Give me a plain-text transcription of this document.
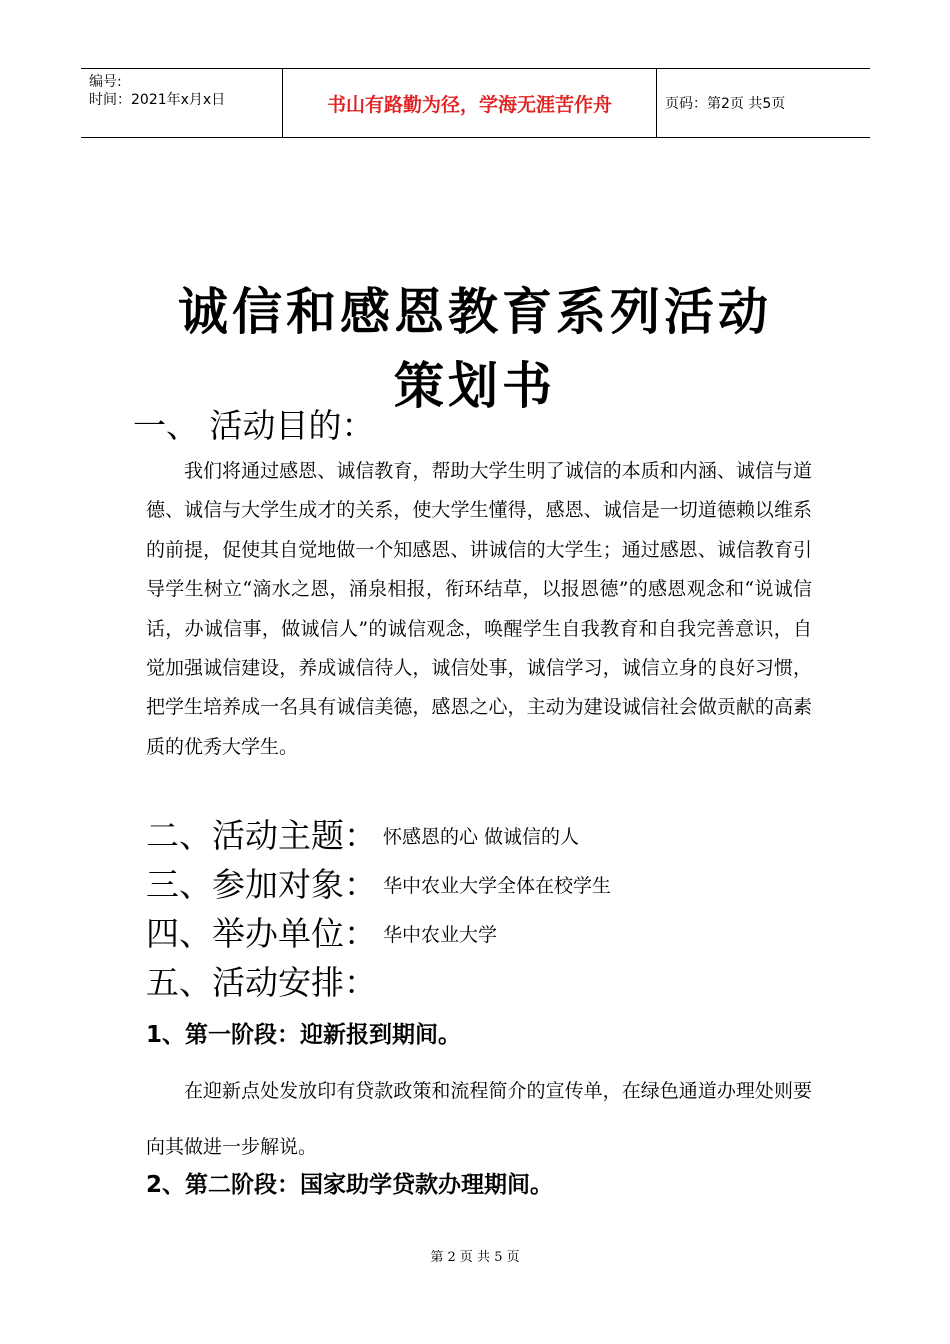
编号:
时间：2021年x月x日	书山有路勤为径，学海无涯苦作舟	页码：第2页 共5页
诚信和感恩教育系列活动
策划书
一、 活动目的：
我们将通过感恩、诚信教育，帮助大学生明了诚信的本质和内涵、诚信与道德、诚信与大学生成才的关系，使大学生懂得，感恩、诚信是一切道德赖以维系的前提，促使其自觉地做一个知感恩、讲诚信的大学生；通过感恩、诚信教育引导学生树立“滴水之恩，涌泉相报，衔环结草，以报恩德”的感恩观念和“说诚信话，办诚信事，做诚信人”的诚信观念，唤醒学生自我教育和自我完善意识，自觉加强诚信建设，养成诚信待人，诚信处事，诚信学习，诚信立身的良好习惯，把学生培养成一名具有诚信美德，感恩之心，主动为建设诚信社会做贡献的高素质的优秀大学生。
二、活动主题： 怀感恩的心 做诚信的人
三、参加对象： 华中农业大学全体在校学生
四、举办单位： 华中农业大学
五、活动安排：
1、第一阶段：迎新报到期间。
在迎新点处发放印有贷款政策和流程简介的宣传单，在绿色通道办理处则要向其做进一步解说。
2、第二阶段：国家助学贷款办理期间。
第 2 页 共 5 页
